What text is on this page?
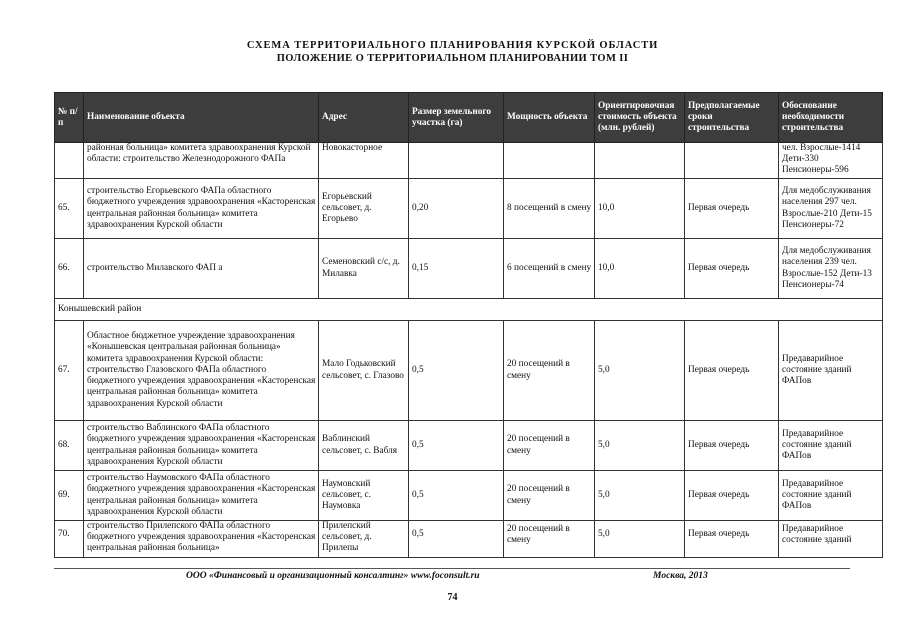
СХЕМА ТЕРРИТОРИАЛЬНОГО ПЛАНИРОВАНИЯ КУРСКОЙ ОБЛАСТИ
ПОЛОЖЕНИЕ О ТЕРРИТОРИАЛЬНОМ ПЛАНИРОВАНИИ ТОМ II
№ п/п	Наименование объекта	Адрес	Размер земельного участка (га)	Мощность объекта	Ориентировочная стоимость объекта (млн. рублей)	Предполагаемые сроки строительства	Обоснование необходимости строительства
	районная больница» комитета здравоохранения Курской области: строительство Железнодорожного ФАПа	Новокасторное					чел. Взрослые-1414 Дети-330 Пенсионеры-596
65.	строительство Егорьевского ФАПа областного бюджетного учреждения здравоохранения «Касторенская центральная районная больница» комитета здравоохранения Курской области	Егорьевский сельсовет, д. Егорьево	0,20	8 посещений в смену	10,0	Первая очередь	Для медобслуживания населения 297 чел. Взрослые-210 Дети-15 Пенсионеры-72
66.	строительство Милавского ФАП а	Семеновский с/с, д. Милавка	0,15	6 посещений в смену	10,0	Первая очередь	Для медобслуживания населения 239 чел. Взрослые-152 Дети-13 Пенсионеры-74
Конышевский район							
67.	Областное бюджетное учреждение здравоохранения «Конышевская центральная районная больница» комитета здравоохранения Курской области: строительство Глазовского ФАПа областного бюджетного учреждения здравоохранения «Касторенская центральная районная больница» комитета здравоохранения Курской области	Мало Годьковский сельсовет, с. Глазово	0,5	20 посещений в смену	5,0	Первая очередь	Предаварийное состояние зданий ФАПов
68.	строительство Ваблинского ФАПа областного бюджетного учреждения здравоохранения «Касторенская центральная районная больница» комитета здравоохранения Курской области	Ваблинский сельсовет, с. Вабля	0,5	20 посещений в смену	5,0	Первая очередь	Предаварийное состояние зданий ФАПов
69.	строительство Наумовского ФАПа областного бюджетного учреждения здравоохранения «Касторенская центральная районная больница» комитета здравоохранения Курской области	Наумовский сельсовет, с. Наумовка	0,5	20 посещений в смену	5,0	Первая очередь	Предаварийное состояние зданий ФАПов
70.	строительство Прилепского ФАПа областного бюджетного учреждения здравоохранения «Касторенская центральная районная больница»	Прилепский сельсовет, д. Прилепы	0,5	20 посещений в смену	5,0	Первая очередь	Предаварийное состояние зданий
ООО «Финансовый и организационный консалтинг» www.foconsult.ru	Москва, 2013
74
